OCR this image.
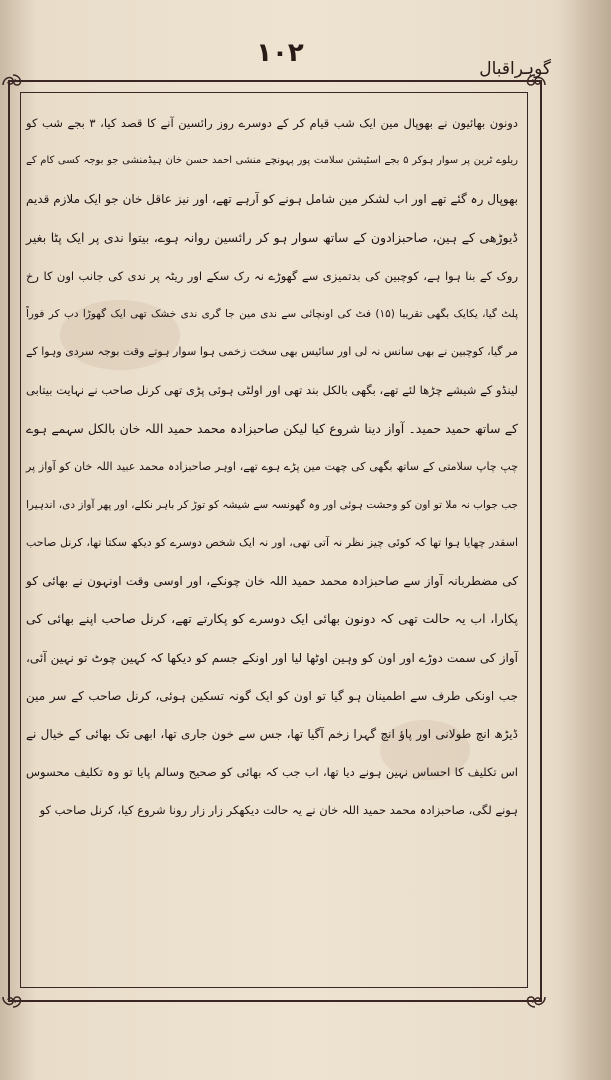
۱۰۲
گوہراقبال
دونون بھائیون نے بھوپال مین ایک شب قیام کر کے دوسرے روز رائسین آنے کا قصد کیا، ۳ بجے شب کو
ریلوے ٹرین پر سوار ہوکر ۵ بجے اسٹیشن سلامت پور پہونچے منشی احمد حسن خان ہیڈمنشی جو بوجہ کسی کام کے
بھوپال رہ گئے تھے اور اب لشکر مین شامل ہونے کو آرہے تھے، اور نیز عاقل خان جو ایک ملازم قدیم
ڈیوڑھی کے ہین، صاحبزادون کے ساتھ سوار ہو کر رائسین روانہ ہوے، بیتوا ندی پر ایک پٹا بغیر
روک کے بنا ہوا ہے، کوچبین کی بدتمیزی سے گھوڑے نہ رک سکے اور ریٹہ پر ندی کی جانب اون کا رخ
پلٹ گیا، یکایک بگھی تقریبا (۱۵) فٹ کی اونچائی سے ندی مین جا گری ندی خشک تھی ایک گھوڑا دب کر فوراً
مر گیا، کوچبین نے بھی سانس نہ لی اور سائیس بھی سخت زخمی ہوا سوار ہوتے وقت بوجہ سردی وہوا کے
لینڈو کے شیشے چڑھا لئے تھے، بگھی بالکل بند تھی اور اولٹی ہوئی پڑی تھی کرنل صاحب نے نہایت بیتابی
کے ساتھ حمید حمید۔ آواز دینا شروع کیا لیکن صاحبزادہ محمد حمید اللہ خان بالکل سہمے ہوے
چپ چاپ سلامتی کے ساتھ بگھی کی چھت مین پڑے ہوے تھے، اوہر صاحبزادہ محمد عبید اللہ خان کو آواز پر
جب جواب نہ ملا تو اون کو وحشت ہوئی اور وہ گھونسہ سے شیشہ کو توڑ کر باہر نکلے، اور پھر آواز دی، اندہیرا
اسقدر چھایا ہوا تھا کہ کوئی چیز نظر نہ آتی تھی، اور نہ ایک شخص دوسرے کو دیکھ سکتا تھا، کرنل صاحب
کی مضطربانہ آواز سے صاحبزادہ محمد حمید اللہ خان چونکے، اور اوسی وقت اونہون نے بھائی کو
پکارا، اب یہ حالت تھی کہ دونون بھائی ایک دوسرے کو پکارتے تھے، کرنل صاحب اپنے بھائی کی
آواز کی سمت دوڑے اور اون کو وہین اوٹھا لیا اور اونکے جسم کو دیکھا کہ کہین چوٹ تو نہین آئی،
جب اونکی طرف سے اطمینان ہو گیا تو اون کو ایک گونہ تسکین ہوئی، کرنل صاحب کے سر مین
ڈیڑھ انچ طولانی اور پاؤ انچ گہرا زخم آگیا تھا، جس سے خون جاری تھا، ابھی تک بھائی کے خیال نے
اس تکلیف کا احساس نہین ہونے دیا تھا، اب جب کہ بھائی کو صحیح وسالم پایا تو وہ تکلیف محسوس
ہونے لگی، صاحبزادہ محمد حمید اللہ خان نے یہ حالت دیکھکر زار زار رونا شروع کیا، کرنل صاحب کو
